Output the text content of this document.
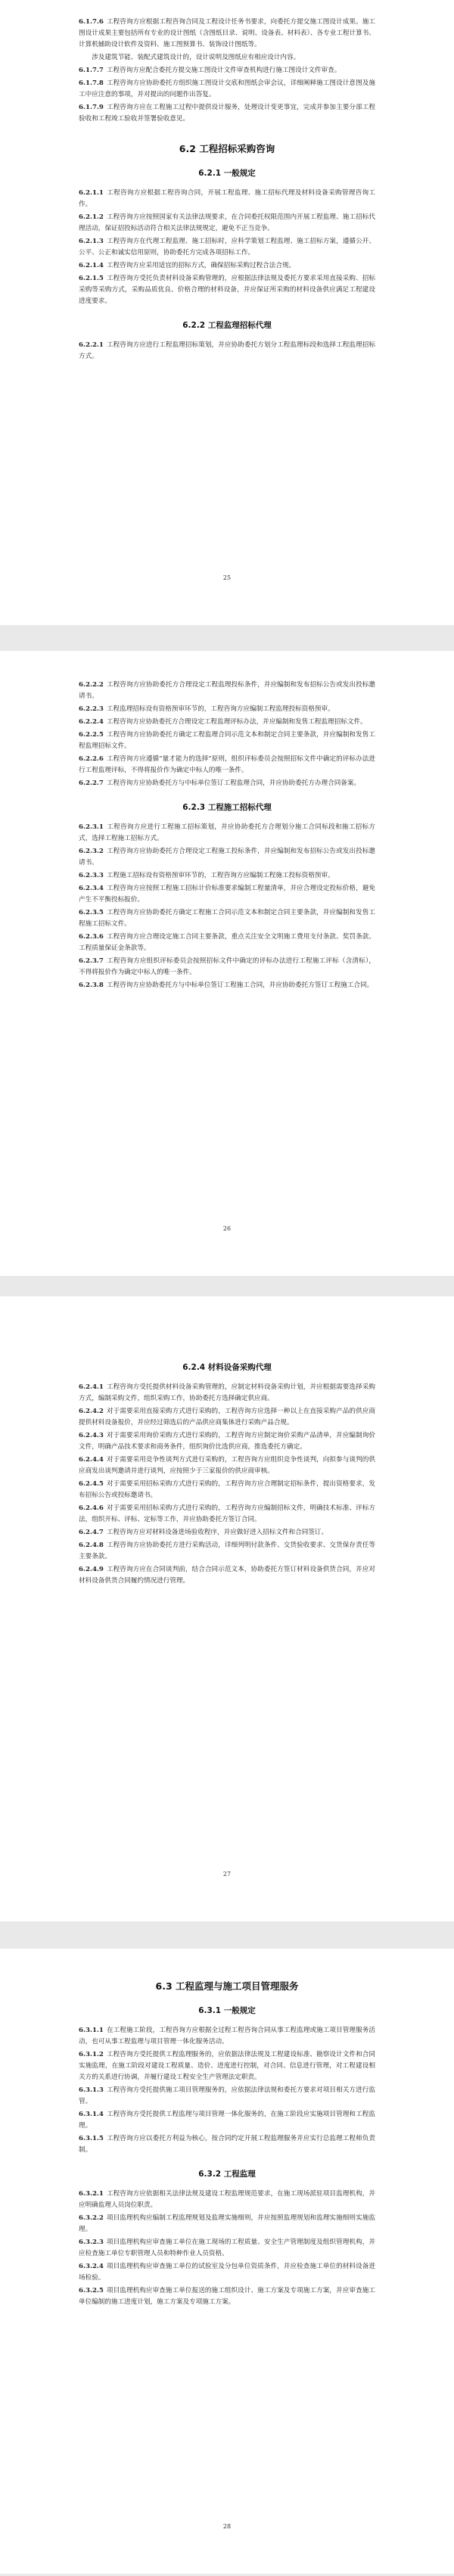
6.1.7.6 工程咨询方应根据工程咨询合同及工程设计任务书要求，向委托方提交施工图设计成果。施工图设计成果主要包括所有专业的设计图纸（含图纸目录、说明、设备表、材料表）、各专业工程计算书、计算机辅助设计软件及资料、施工图预算书、装饰设计图纸等。

涉及建筑节能、装配式建筑设计的，设计说明及图纸应有相应设计内容。

6.1.7.7 工程咨询方应配合委托方提交施工图设计文件审查机构进行施工图设计文件审查。

6.1.7.8 工程咨询方应协助委托方组织施工图设计交底和图纸会审会议，详细阐释施工图设计意图及施工中应注意的事项，并对提出的问题作出答复。

6.1.7.9 工程咨询方应在工程施工过程中提供设计服务，处理设计变更事宜，完成并参加主要分部工程验收和工程竣工验收并签署验收意见。

6.2 工程招标采购咨询
6.2.1 一般规定

6.2.1.1 工程咨询方应根据工程咨询合同，开展工程监理、施工招标代理及材料设备采购管理咨询工作。

6.2.1.2 工程咨询方应按照国家有关法律法规要求，在合同委托权限范围内开展工程监理、施工招标代理活动，保证招投标活动符合相关法律法规规定，避免不正当竞争。

6.2.1.3 工程咨询方在代理工程监理、施工招标时，应科学策划工程监理、施工招标方案，遵循公开、公平、公正和诚实信用原则，协助委托方完成各项招标工作。

6.2.1.4 工程咨询方应采用适宜的招标方式，确保招标采购过程合法合规。

6.2.1.5 工程咨询方受托负责材料设备采购管理的，应根据法律法规及委托方要求采用直接采购、招标采购等采购方式，采购品质优良、价格合理的材料设备，并应保证所采购的材料设备供应满足工程建设进度要求。

6.2.2 工程监理招标代理

6.2.2.1 工程咨询方应进行工程监理招标策划，并应协助委托方划分工程监理标段和选择工程监理招标方式。

25

6.2.2.2 工程咨询方应协助委托方合理设定工程监理投标条件，并应编制和发布招标公告或发出投标邀请书。

6.2.2.3 工程监理招标设有资格预审环节的，工程咨询方应编制工程监理投标资格预审。

6.2.2.4 工程咨询方应协助委托方合理设定工程监理评标办法，并应编制和发售工程监理招标文件。

6.2.2.5 工程咨询方应协助委托方确定工程监理合同示范文本和制定合同主要条款，并应编制和发售工程监理招标文件。

6.2.2.6 工程咨询方应遵循“量才能力的选择”原则，组织评标委员会按照招标文件中确定的评标办法进行工程监理评标，不得将报价作为确定中标人的唯一条件。

6.2.2.7 工程咨询方应协助委托方与中标单位签订工程监理合同，并应协助委托方办理合同备案。

6.2.3 工程施工招标代理

6.2.3.1 工程咨询方应进行工程施工招标策划，并应协助委托方合理划分施工合同标段和施工招标方式，选择工程施工招标方式。

6.2.3.2 工程咨询方应协助委托方合理设定工程施工投标条件，并应编制和发布招标公告或发出投标邀请书。

6.2.3.3 工程施工招标设有资格预审环节的，工程咨询方应编制工程施工投标资格预审。

6.2.3.4 工程咨询方应按照工程施工招标计价标准要求编制工程量清单，并应合理设定投标价格，避免产生不平衡投标报价。

6.2.3.5 工程咨询方应协助委托方确定工程施工合同示范文本和制定合同主要条款，并应编制和发售工程施工招标文件。

6.2.3.6 工程咨询方应合理设定施工合同主要条款，重点关注安全文明施工费用支付条款、奖罚条款、工程质量保证金条款等。

6.2.3.7 工程咨询方应组织评标委员会按照招标文件中确定的评标办法进行工程施工评标（含清标），不得将报价作为确定中标人的唯一条件。

6.2.3.8 工程咨询方应协助委托方与中标单位签订工程施工合同，并应协助委托方签订工程施工合同。

26
6.2.4 材料设备采购代理

6.2.4.1 工程咨询方受托提供材料设备采购管理的，应制定材料设备采购计划，并应根据需要选择采购方式，编制采购文件，组织采购工作，协助委托方选择确定供应商。

6.2.4.2 对于需要采用直接采购方式进行采购的，工程咨询方应选择一种以上在直接采购产品的供应商提供材料设备报价，并应经过筛选后的产品供应商集体进行采购产品合规。

6.2.4.3 对于需要采用询价采购方式进行采购的，工程咨询方应制定询价采购产品清单，并应编制询价文件，明确产品技术要求和商务条件，组织询价比选供应商，推选委托方确定。

6.2.4.4 对于需要采用竞争性谈判方式进行采购的，工程咨询方应组织竞争性谈判，向拟参与谈判的供应商发出谈判邀请并进行谈判，应按照少于三家报价的供应商审核。

6.2.4.5 对于需要采用招标采购方式进行采购的，工程咨询方应合理制定招标条件，提出资格要求，发布招标公告或投标邀请书。

6.2.4.6 对于需要采用招标采购方式进行采购的，工程咨询方应编制招标文件，明确技术标准、评标方法，组织开标、评标、定标等工作，并应协助委托方签订合同。

6.2.4.7 工程咨询方应对材料设备进场验收程序，并应做好进入招标文件和合同签订。

6.2.4.8 工程咨询方应协助委托方进行采购活动，详细列明付款条件、交货验收要求、交货保存责任等主要条款。

6.2.4.9 工程咨询方应在合同谈判前，结合合同示范文本，协助委托方签订材料设备供货合同，并应对材料设备供货合同履约情况进行管理。

27
6.3 工程监理与施工项目管理服务
6.3.1 一般规定

6.3.1.1 在工程施工阶段，工程咨询方应根据全过程工程咨询合同从事工程监理或施工项目管理服务活动，也可从事工程监理与项目管理一体化服务活动。

6.3.1.2 工程咨询方受托提供工程监理服务的，应依据法律法规及工程建设标准、勘察设计文件和合同实施监理，在施工阶段对建设工程质量、造价、进度进行控制，对合同、信息进行管理，对工程建设相关方的关系进行协调，并履行建设工程安全生产管理法定职责。

6.3.1.3 工程咨询方受托提供施工项目管理服务的，应依据法律法规和委托方要求对项目相关方进行监管。

6.3.1.4 工程咨询方受托提供工程监理与项目管理一体化服务的，在施工阶段应实施项目管理和工程监理。

6.3.1.5 工程咨询方应以委托方利益为核心，按合同约定开展工程监理服务并应实行总监理工程师负责制。

6.3.2 工程监理

6.3.2.1 工程咨询方应依据相关法律法规及建设工程监理规范要求，在施工现场派驻项目监理机构，并应明确监理人员岗位职责。

6.3.2.2 项目监理机构应编制工程监理规划及监理实施细则，并应按照监理规划和监理实施细则实施监理。

6.3.2.3 项目监理机构应审查施工单位在施工现场的工程质量、安全生产管理制度及组织管理机构，并应检查施工单位专职管理人员和特种作业人员资格。

6.3.2.4 项目监理机构应审查施工单位的试验室及分包单位资质条件，并应检查施工单位的材料设备进场检验。

6.3.2.5 项目监理机构应审查施工单位报送的施工组织设计、施工方案及专项施工方案，并应审查施工单位编制的施工进度计划，施工方案及专项施工方案。

28
